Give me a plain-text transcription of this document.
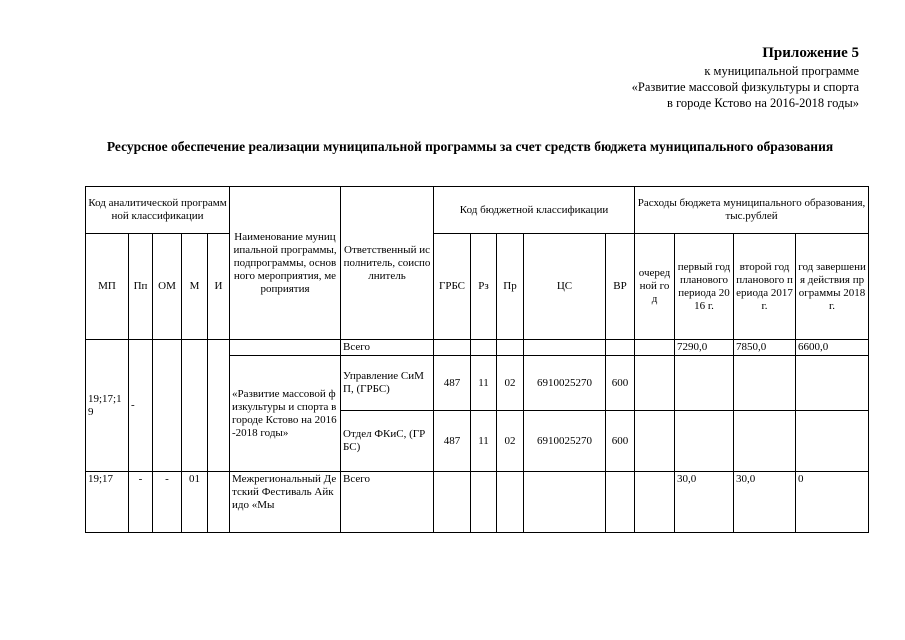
Приложение 5
к муниципальной программе
«Развитие массовой физкультуры и спорта
в городе Кстово на 2016-2018 годы»
Ресурсное обеспечение реализации муниципальной программы за счет средств бюджета муниципального образования
Код аналитической программной классификации					Наименование муниципальной программы, подпрограммы, основного мероприятия, мероприятия	Ответственный исполнитель, соисполнитель	Код бюджетной классификации					Расходы бюджета муниципального образования, тыс.рублей			
МП	Пп	ОМ	М	И			ГРБС	Рз	Пр	ЦС	ВР	очередной год	первый год планового периода 2016 г.	второй год планового периода 2017 г.	год завершения действия программы 2018 г.
19;17;19	-					Всего							7290,0	7850,0	6600,0
					«Развитие массовой физкультуры и спорта в городе Кстово на 2016-2018 годы»	Управление СиМП, (ГРБС)	487	11	02	6910025270	600				
						Отдел ФКиС, (ГРБС)	487	11	02	6910025270	600				
19;17	-	-	01		Межрегиональный Детский Фестиваль Айкидо «Мы	Всего							30,0	30,0	0
